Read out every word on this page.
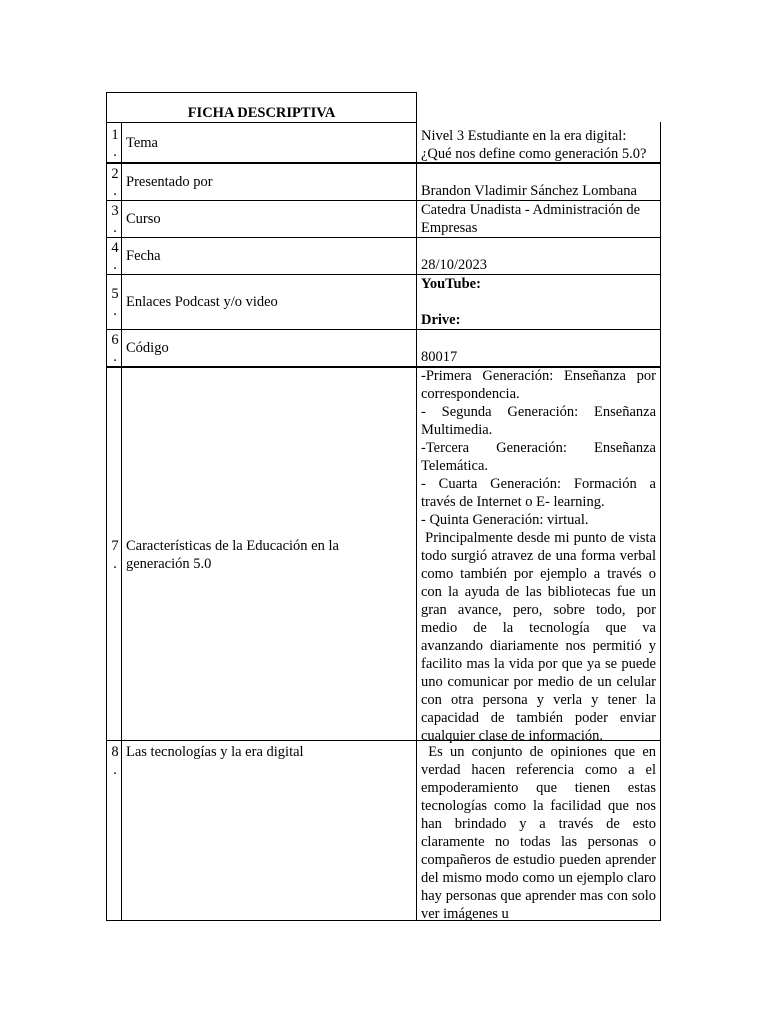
FICHA DESCRIPTIVA
1
.
Tema	Nivel 3 Estudiante en la era digital:
¿Qué nos define como generación 5.0?
2
.
Presentado por
Brandon Vladimir Sánchez Lombana
3
.
Curso
Catedra Unadista - Administración de
Empresas
4
.
Fecha
28/10/2023
5
.
Enlaces Podcast y/o video
YouTube:
Drive:
6
.
Código
80017
7
.
Características de la Educación en la
generación 5.0

-Primera Generación: Enseñanza por correspondencia.

- Segunda Generación: Enseñanza Multimedia.

-Tercera Generación: Enseñanza Telemática.

- Cuarta Generación: Formación a través de Internet o E- learning.

- Quinta Generación: virtual.

Principalmente desde mi punto de vista todo surgió atravez de una forma verbal como también por ejemplo a través o con la ayuda de las bibliotecas fue un gran avance, pero, sobre todo, por medio de la tecnología que va avanzando diariamente nos permitió y facilito mas la vida por que ya se puede uno comunicar por medio de un celular con otra persona y verla y tener la capacidad de también poder enviar cualquier clase de información.

8
.
Las tecnologías y la era digital	Es un conjunto de opiniones que en verdad hacen referencia como a el empoderamiento que tienen estas tecnologías como la facilidad que nos han brindado y a través de esto claramente no todas las personas o compañeros de estudio pueden aprender del mismo modo como un ejemplo claro hay personas que aprender mas con solo ver imágenes u
